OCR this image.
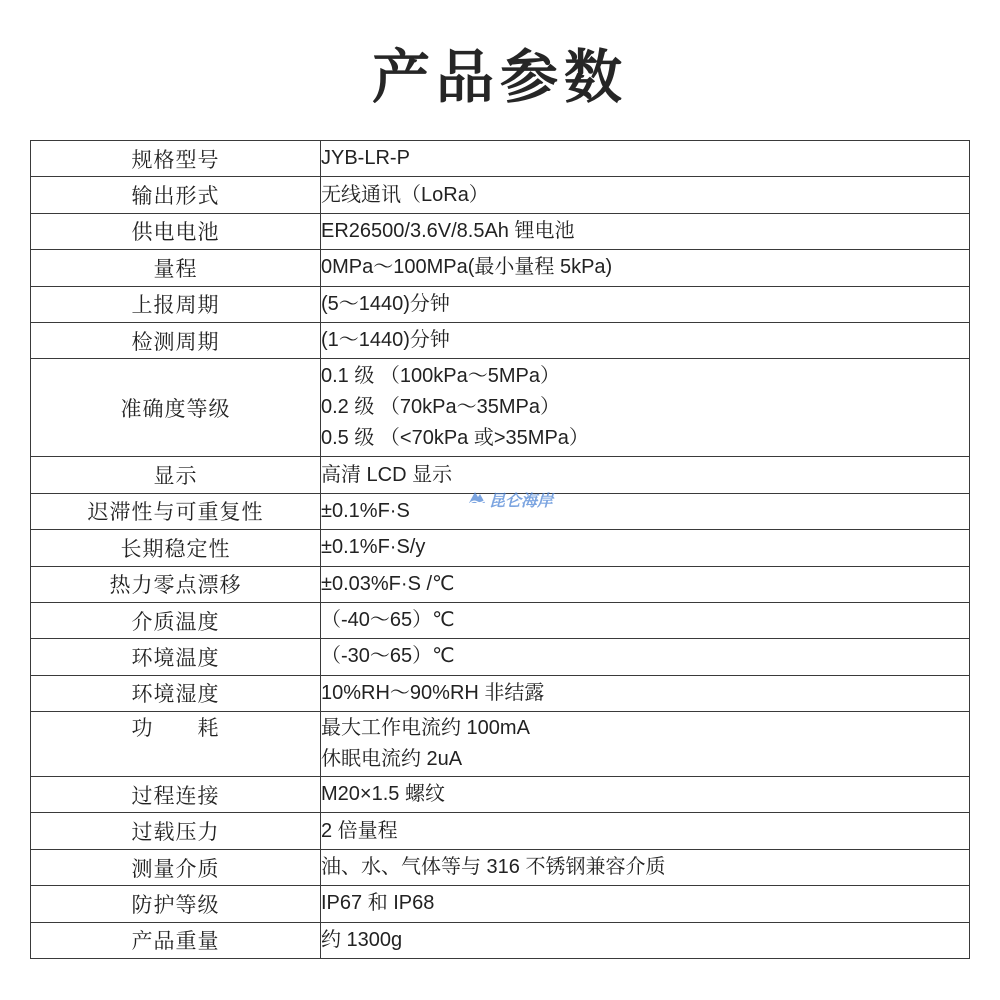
产品参数
规格型号	JYB-LR-P

输出形式	无线通讯（LoRa）

供电电池	ER26500/3.6V/8.5Ah 锂电池

量程	0MPa～100MPa(最小量程 5kPa)

上报周期	(5～1440)分钟

检测周期	(1～1440)分钟

准确度等级	0.1 级 （100kPa～5MPa）
0.2 级 （70kPa～35MPa）
0.5 级 （<70kPa 或>35MPa）

显示	高清 LCD 显示

迟滞性与可重复性	±0.1%F·S

长期稳定性	±0.1%F·S/y

热力零点漂移	±0.03%F·S /℃

介质温度	（-40～65）℃

环境温度	（-30～65）℃

环境湿度	10%RH～90%RH 非结露

功　　耗	最大工作电流约 100mA
休眠电流约 2uA

过程连接	M20×1.5 螺纹

过载压力	2 倍量程

测量介质	油、水、气体等与 316 不锈钢兼容介质

防护等级	IP67 和 IP68

产品重量	约 1300g
昆仑海岸
